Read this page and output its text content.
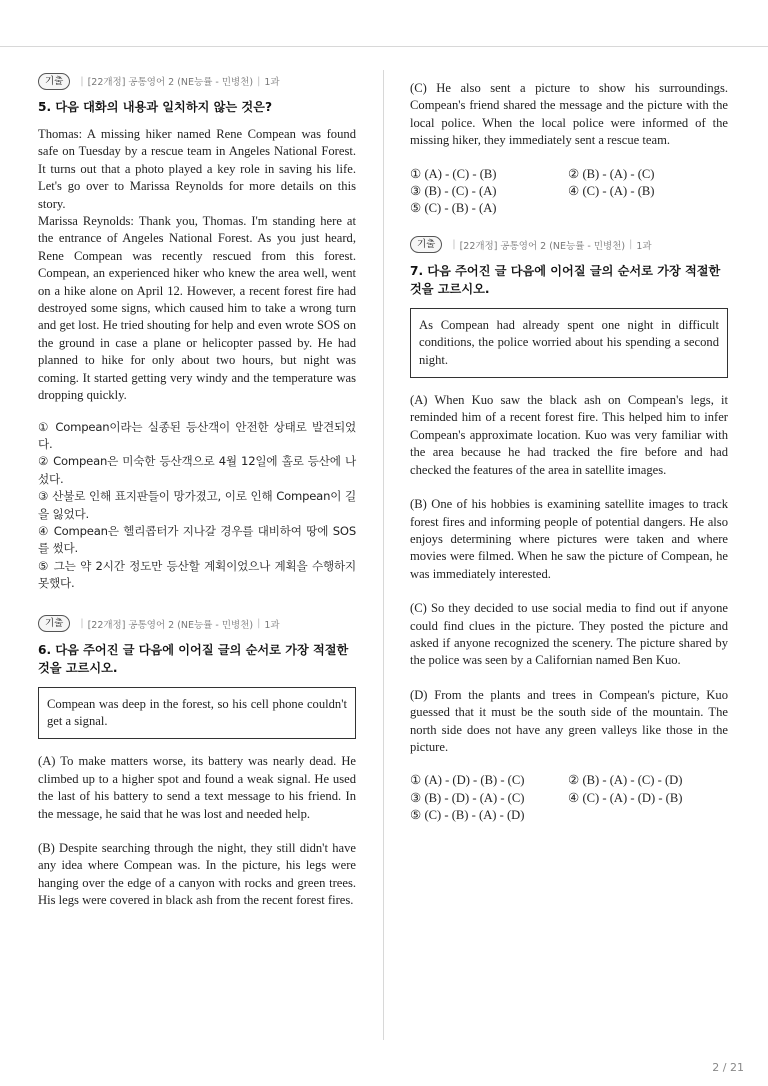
기출	| [22개정] 공통영어 2 (NE능률 - 민병천) | 1과
5. 다음 대화의 내용과 일치하지 않는 것은?

Thomas: A missing hiker named Rene Compean was found safe on Tuesday by a rescue team in Angeles National Forest. It turns out that a photo played a key role in saving his life. Let's go over to Marissa Reynolds for more details on this story.

Marissa Reynolds: Thank you, Thomas. I'm standing here at the entrance of Angeles National Forest. As you just heard, Rene Compean was recently rescued from this forest. Compean, an experienced hiker who knew the area well, went on a hike alone on April 12. However, a recent forest fire had destroyed some signs, which caused him to take a wrong turn and get lost. He tried shouting for help and even wrote SOS on the ground in case a plane or helicopter passed by. He had planned to hike for only about two hours, but night was coming. It started getting very windy and the temperature was dropping quickly.

① Compean이라는 실종된 등산객이 안전한 상태로 발견되었다.

② Compean은 미숙한 등산객으로 4월 12일에 홀로 등산에 나섰다.

③ 산불로 인해 표지판들이 망가졌고, 이로 인해 Compean이 길을 잃었다.

④ Compean은 헬리콥터가 지나갈 경우를 대비하여 땅에 SOS를 썼다.

⑤ 그는 약 2시간 정도만 등산할 계획이었으나 계획을 수행하지 못했다.

기출	| [22개정] 공통영어 2 (NE능률 - 민병천) | 1과
6. 다음 주어진 글 다음에 이어질 글의 순서로 가장 적절한 것을 고르시오.

Compean was deep in the forest, so his cell phone couldn't get a signal.

(A) To make matters worse, its battery was nearly dead. He climbed up to a higher spot and found a weak signal. He used the last of his battery to send a text message to his friend. In the message, he said that he was lost and needed help.

(B) Despite searching through the night, they still didn't have any idea where Compean was. In the picture, his legs were hanging over the edge of a canyon with rocks and green trees. His legs were covered in black ash from the recent forest fires.

(C) He also sent a picture to show his surroundings. Compean's friend shared the message and the picture with the local police. When the local police were informed of the missing hiker, they immediately sent a rescue team.

① (A) - (C) - (B)	② (B) - (A) - (C)
③ (B) - (C) - (A)	④ (C) - (A) - (B)
⑤ (C) - (B) - (A)
기출	| [22개정] 공통영어 2 (NE능률 - 민병천) | 1과
7. 다음 주어진 글 다음에 이어질 글의 순서로 가장 적절한 것을 고르시오.

As Compean had already spent one night in difficult conditions, the police worried about his spending a second night.

(A) When Kuo saw the black ash on Compean's legs, it reminded him of a recent forest fire. This helped him to infer Compean's approximate location. Kuo was very familiar with the area because he had tracked the fire before and had checked the features of the area in satellite images.

(B) One of his hobbies is examining satellite images to track forest fires and informing people of potential dangers. He also enjoys determining where pictures were taken and where movies were filmed. When he saw the picture of Compean, he was immediately interested.

(C) So they decided to use social media to find out if anyone could find clues in the picture. They posted the picture and asked if anyone recognized the scenery. The picture shared by the police was seen by a Californian named Ben Kuo.

(D) From the plants and trees in Compean's picture, Kuo guessed that it must be the south side of the mountain. The north side does not have any green valleys like those in the picture.

① (A) - (D) - (B) - (C)	② (B) - (A) - (C) - (D)
③ (B) - (D) - (A) - (C)	④ (C) - (A) - (D) - (B)
⑤ (C) - (B) - (A) - (D)
2 / 21
